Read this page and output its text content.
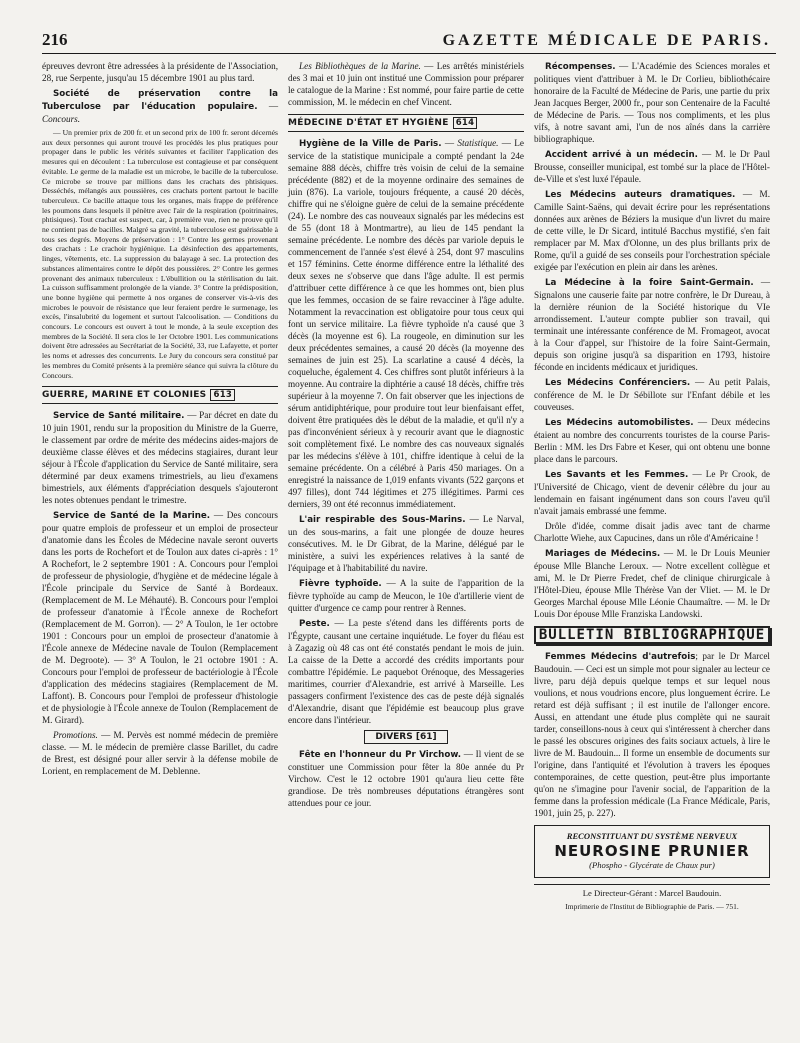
216	GAZETTE MÉDICALE DE PARIS.

épreuves devront être adressées à la présidente de l'Association, 28, rue Serpente, jusqu'au 15 décembre 1901 au plus tard.

Société de préservation contre la Tuberculose par l'éducation populaire. — Concours.

— Un premier prix de 200 fr. et un second prix de 100 fr. seront décernés aux deux personnes qui auront trouvé les procédés les plus pratiques pour propager dans le public les vérités suivantes et faciliter l'application des mesures qui en découlent : La tuberculose est contagieuse et par conséquent évitable. Le germe de la maladie est un microbe, le bacille de la tuberculose. Ce microbe se trouve par millions dans les crachats des phtisiques. Desséchés, mélangés aux poussières, ces crachats portent partout le bacille tuberculeux. Ce bacille attaque tous les organes, mais frappe de préférence les poumons dans lesquels il pénètre avec l'air de la respiration (poitrinaires, phtisiques). Tout crachat est suspect, car, à première vue, rien ne prouve qu'il ne contient pas de bacilles. Malgré sa gravité, la tuberculose est guérissable à tous ses degrés. Moyens de préservation : 1° Contre les germes provenant des crachats : Le crachoir hygiénique. La désinfection des appartements, linges, vêtements, etc. La suppression du balayage à sec. La protection des substances alimentaires contre le dépôt des poussières. 2° Contre les germes provenant des animaux tuberculeux : L'ébullition ou la stérilisation du lait. La cuisson suffisamment prolongée de la viande. 3° Contre la prédisposition, une bonne hygiène qui permette à nos organes de conserver vis-à-vis des microbes le pouvoir de résistance que leur feraient perdre le surmenage, les excès, l'insalubrité du logement et surtout l'alcoolisation. — Conditions du concours. Le concours est ouvert à tout le monde, à la seule exception des membres de la Société. Il sera clos le 1er Octobre 1901. Les communications doivent être adressées au Secrétariat de la Société, 33, rue Lafayette, et porter les noms et adresses des concurrents. Le Jury du concours sera constitué par les membres du Comité présents à la première séance qui suivra la clôture du Concours.

GUERRE, MARINE ET COLONIES 613

Service de Santé militaire. — Par décret en date du 10 juin 1901, rendu sur la proposition du Ministre de la Guerre, le classement par ordre de mérite des médecins aides-majors de deuxième classe élèves et des médecins stagiaires, durant leur séjour à l'École d'application du Service de Santé militaire, sera déterminé par deux examens trimestriels, au lieu d'examens bimestriels, aux éléments d'appréciation desquels s'ajouteront les notes obtenues pendant le trimestre.

Service de Santé de la Marine. — Des concours pour quatre emplois de professeur et un emploi de prosecteur d'anatomie dans les Écoles de Médecine navale seront ouverts dans les ports de Rochefort et de Toulon aux dates ci-après : 1° A Rochefort, le 2 septembre 1901 : A. Concours pour l'emploi de professeur de physiologie, d'hygiène et de médecine légale à l'École principale du Service de Santé à Bordeaux. (Remplacement de M. Le Méhauté). B. Concours pour l'emploi de professeur d'anatomie à l'École annexe de Rochefort (Remplacement de M. Gorron). — 2° A Toulon, le 1er octobre 1901 : Concours pour un emploi de prosecteur d'anatomie à l'École annexe de Médecine navale de Toulon (Remplacement de M. Degroote). — 3° A Toulon, le 21 octobre 1901 : A. Concours pour l'emploi de professeur de bactériologie à l'École d'application des médecins stagiaires (Remplacement de M. Laffont). B. Concours pour l'emploi de professeur d'histologie et de physiologie à l'École annexe de Toulon (Remplacement de M. Girard).

Promotions. — M. Pervès est nommé médecin de première classe. — M. le médecin de première classe Barillet, du cadre de Brest, est désigné pour aller servir à la défense mobile de Lorient, en remplacement de M. Deblenne.

Les Bibliothèques de la Marine. — Les arrêtés ministériels des 3 mai et 10 juin ont institué une Commission pour préparer le catalogue de la Marine : Est nommé, pour faire partie de cette commission, M. le médecin en chef Vincent.

MÉDECINE D'ÉTAT ET HYGIÈNE 614

Hygiène de la Ville de Paris. — Statistique. — Le service de la statistique municipale a compté pendant la 24e semaine 888 décès, chiffre très voisin de celui de la semaine précédente (882) et de la moyenne ordinaire des semaines de juin (876). La variole, toujours fréquente, a causé 20 décès, chiffre qui ne s'éloigne guère de celui de la semaine précédente (24). Le nombre des cas nouveaux signalés par les médecins est de 55 (dont 18 à Montmartre), au lieu de 145 pendant la semaine précédente. Le nombre des décès par variole depuis le commencement de l'année s'est élevé à 254, dont 97 masculins et 157 féminins. Cette énorme différence entre la léthalité des deux sexes ne s'observe que dans l'âge adulte. Il est permis d'attribuer cette différence à ce que les hommes ont, bien plus que les femmes, occasion de se faire revacciner à l'âge adulte. Notamment la revaccination est obligatoire pour tous ceux qui font un service militaire. La fièvre typhoïde n'a causé que 3 décès (la moyenne est 6). La rougeole, en diminution sur les deux précédentes semaines, a causé 20 décès (la moyenne des semaines de juin est 25). La scarlatine a causé 4 décès, la coqueluche, également 4. Ces chiffres sont plutôt inférieurs à la moyenne. Au contraire la diphtérie a causé 18 décès, chiffre très supérieur à la moyenne 7. On fait observer que les injections de sérum antidiphtérique, pour produire tout leur bienfaisant effet, doivent être pratiquées dès le début de la maladie, et qu'il n'y a pas d'inconvénient sérieux à y recourir avant que le diagnostic soit complètement fixé. Le nombre des cas nouveaux signalés par les médecins s'élève à 101, chiffre identique à celui de la semaine précédente. On a célébré à Paris 450 mariages. On a enregistré la naissance de 1,019 enfants vivants (522 garçons et 497 filles), dont 744 légitimes et 275 illégitimes. Parmi ces derniers, 39 ont été reconnus immédiatement.

L'air respirable des Sous-Marins. — Le Narval, un des sous-marins, a fait une plongée de douze heures consécutives. M. le Dr Gibrat, de la Marine, délégué par le ministère, a suivi les expériences relatives à la santé de l'équipage et à l'habitabilité du navire.

Fièvre typhoïde. — A la suite de l'apparition de la fièvre typhoïde au camp de Meucon, le 10e d'artillerie vient de quitter d'urgence ce camp pour rentrer à Rennes.

Peste. — La peste s'étend dans les différents ports de l'Égypte, causant une certaine inquiétude. Le foyer du fléau est à Zagazig où 48 cas ont été constatés pendant le mois de juin. La caisse de la Dette a accordé des crédits importants pour combattre l'épidémie. Le paquebot Orénoque, des Messageries maritimes, courrier d'Alexandrie, est arrivé à Marseille. Les passagers confirment l'existence des cas de peste déjà signalés d'Alexandrie, disant que l'épidémie est beaucoup plus grave encore dans l'intérieur.

DIVERS [61]

Fête en l'honneur du Pr Virchow. — Il vient de se constituer une Commission pour fêter la 80e année du Pr Virchow. C'est le 12 octobre 1901 qu'aura lieu cette fête grandiose. De très nombreuses députations étrangères sont attendues pour ce jour.

Récompenses. — L'Académie des Sciences morales et politiques vient d'attribuer à M. le Dr Corlieu, bibliothécaire honoraire de la Faculté de Médecine de Paris, une partie du prix Jean Jacques Berger, 2000 fr., pour son Centenaire de la Faculté de Médecine de Paris. — Tous nos compliments, et les plus vifs, à notre savant ami, l'un de nos aînés dans la carrière bibliographique.

Accident arrivé à un médecin. — M. le Dr Paul Brousse, conseiller municipal, est tombé sur la place de l'Hôtel-de-Ville et s'est luxé l'épaule.

Les Médecins auteurs dramatiques. — M. Camille Saint-Saëns, qui devait écrire pour les représentations données aux arènes de Béziers la musique d'un livret du maire de cette ville, le Dr Sicard, intitulé Bacchus mystifié, s'en fait remplacer par M. Max d'Olonne, un des plus brillants prix de Rome, qu'il a guidé de ses conseils pour l'orchestration spéciale exigée par l'exécution en plein air dans les arènes.

La Médecine à la foire Saint-Germain. — Signalons une causerie faite par notre confrère, le Dr Dureau, à la dernière réunion de la Société historique du VIe arrondissement. L'auteur compte publier son travail, qui terminait une intéressante conférence de M. Fromageot, avocat à la Cour d'appel, sur l'histoire de la foire Saint-Germain, depuis son origine jusqu'à sa disparition en 1793, histoire féconde en incidents médicaux et juridiques.

Les Médecins Conférenciers. — Au petit Palais, conférence de M. le Dr Sébillote sur l'Enfant débile et les couveuses.

Les Médecins automobilistes. — Deux médecins étaient au nombre des concurrents touristes de la course Paris-Berlin : MM. les Drs Fabre et Keser, qui ont obtenu une bonne place dans le parcours.

Les Savants et les Femmes. — Le Pr Crook, de l'Université de Chicago, vient de devenir célèbre du jour au lendemain en faisant ingénument dans son cours l'aveu qu'il n'avait jamais embrassé une femme.

Drôle d'idée, comme disait jadis avec tant de charme Charlotte Wiehe, aux Capucines, dans un rôle d'Américaine !

Mariages de Médecins. — M. le Dr Louis Meunier épouse Mlle Blanche Leroux. — Notre excellent collègue et ami, M. le Dr Pierre Fredet, chef de clinique chirurgicale à l'Hôtel-Dieu, épouse Mlle Thérèse Van der Vliet. — M. le Dr Georges Marchal épouse Mlle Léonie Chaumaître. — M. le Dr Louis Dor épouse Mlle Franziska Landowski.

BULLETIN BIBLIOGRAPHIQUE

Femmes Médecins d'autrefois; par le Dr Marcel Baudouin. — Ceci est un simple mot pour signaler au lecteur ce livre, paru déjà depuis quelque temps et sur lequel nous voulions, et nous voudrions encore, plus longuement écrire. Le retard est déjà suffisant ; il est inutile de l'allonger encore. Aussi, en attendant une étude plus complète qui ne saurait tarder, conseillons-nous à ceux qui s'intéressent à chercher dans le passé les obscures origines des faits sociaux actuels, à lire le livre de M. Baudouin... Il forme un ensemble de documents sur l'origine, dans l'antiquité et l'évolution à travers les époques contemporaines, de cette question, peut-être plus importante qu'on ne s'imagine pour l'avenir social, de l'apparition de la femme dans la profession médicale (La France Médicale, Paris, 1901, juin 25, p. 227).

RECONSTITUANT DU SYSTÈME NERVEUX
NEUROSINE PRUNIER
(Phospho - Glycérate de Chaux pur)
Le Directeur-Gérant : Marcel Baudouin.
Imprimerie de l'Institut de Bibliographie de Paris. — 751.
